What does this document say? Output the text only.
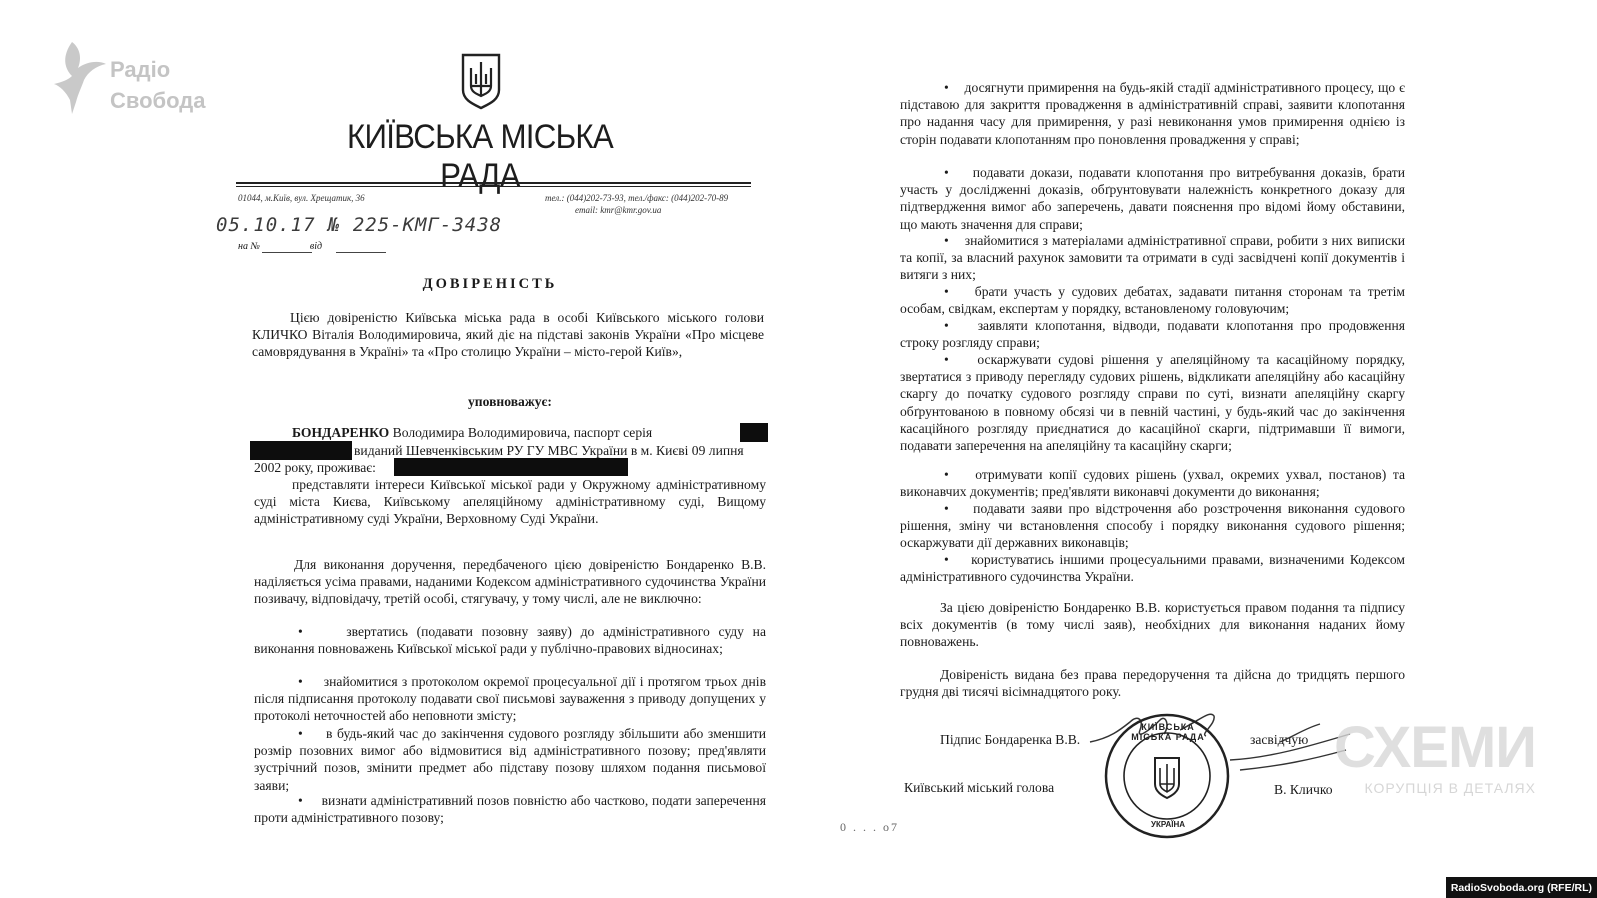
Радіо
Свобода
КИЇВСЬКА МІСЬКА РАДА
01044, м.Київ, вул. Хрещатик, 36	тел.: (044)202-73-93, тел./факс: (044)202-70-89
email: kmr@kmr.gov.ua
05.10.17 № 225-КМГ-3438
на №                    від
ДОВІРЕНІСТЬ
Цією довіреністю Київська міська рада в особі Київського міського голови КЛИЧКО Віталія Володимировича, який діє на підставі законів України «Про місцеве самоврядування в Україні» та «Про столицю України – місто-герой Київ»,
уповноважує:
БОНДАРЕНКО Володимира Володимировича, паспорт серія
виданий Шевченківським РУ ГУ МВС України в м. Києві 09 липня
2002 року, проживає:
представляти інтереси Київської міської ради у Окружному адміністративному суді міста Києва, Київському апеляційному адміністративному суді, Вищому адміністративному суді України, Верховному Суді України.
Для виконання доручення, передбаченого цією довіреністю Бондаренко В.В. наділяється усіма правами, наданими Кодексом адміністративного судочинства України позивачу, відповідачу, третій особі, стягувачу, у тому числі, але не виключно:
•     звертатись (подавати позовну заяву) до адміністративного суду на виконання повноважень Київської міської ради у публічно-правових відносинах;
•     знайомитися з протоколом окремої процесуальної дії і протягом трьох днів після підписання протоколу подавати свої письмові зауваження з приводу допущених у протоколі неточностей або неповноти змісту;
•     в будь-який час до закінчення судового розгляду збільшити або зменшити розмір позовних вимог або відмовитися від адміністративного позову; пред'являти зустрічний позов, змінити предмет або підставу позову шляхом подання письмової заяви;
•     визнати адміністративний позов повністю або частково, подати заперечення проти адміністративного позову;
•    досягнути примирення на будь-якій стадії адміністративного процесу, що є підставою для закриття провадження в адміністративній справі, заявити клопотання про надання часу для примирення, у разі невиконання умов примирення однією із сторін подавати клопотанням про поновлення провадження у справі;
•    подавати докази, подавати клопотання про витребування доказів, брати участь у дослідженні доказів, обґрунтовувати належність конкретного доказу для підтвердження вимог або заперечень, давати пояснення про відомі йому обставини, що мають значення для справи;
•    знайомитися з матеріалами адміністративної справи, робити з них виписки та копії, за власний рахунок замовити та отримати в суді засвідчені копії документів і витяги з них;
•    брати участь у судових дебатах, задавати питання сторонам та третім особам, свідкам, експертам у порядку, встановленому головуючим;
•    заявляти клопотання, відводи, подавати клопотання про продовження строку розгляду справи;
•    оскаржувати судові рішення у апеляційному та касаційному порядку, звертатися з приводу перегляду судових рішень, відкликати апеляційну або касаційну скаргу до початку судового розгляду справи по суті, визнати апеляційну скаргу обґрунтованою в повному обсязі чи в певній частині, у будь-який час до закінчення касаційного розгляду приєднатися до касаційної скарги, підтримавши її вимоги, подавати заперечення на апеляційну та касаційну скарги;
•    отримувати копії судових рішень (ухвал, окремих ухвал, постанов) та виконавчих документів; пред'являти виконавчі документи до виконання;
•    подавати заяви про відстрочення або розстрочення виконання судового рішення, зміну чи встановлення способу і порядку виконання судового рішення; оскаржувати дії державних виконавців;
•    користуватись іншими процесуальними правами, визначеними Кодексом адміністративного судочинства України.
За цією довіреністю Бондаренко В.В. користується правом подання та підпису всіх документів (в тому числі заяв), необхідних для виконання наданих йому повноважень.
Довіреність видана без права передоручення та дійсна до тридцять першого грудня дві тисячі вісімнадцятого року.
Підпис Бондаренка В.В.	засвідчую
Київський міський голова	В. Кличко
КИЇВСЬКА МІСЬКА РАДА
УКРАЇНА
0 . . . о7
СХЕМИ
КОРУПЦІЯ В ДЕТАЛЯХ
RadioSvoboda.org (RFE/RL)
